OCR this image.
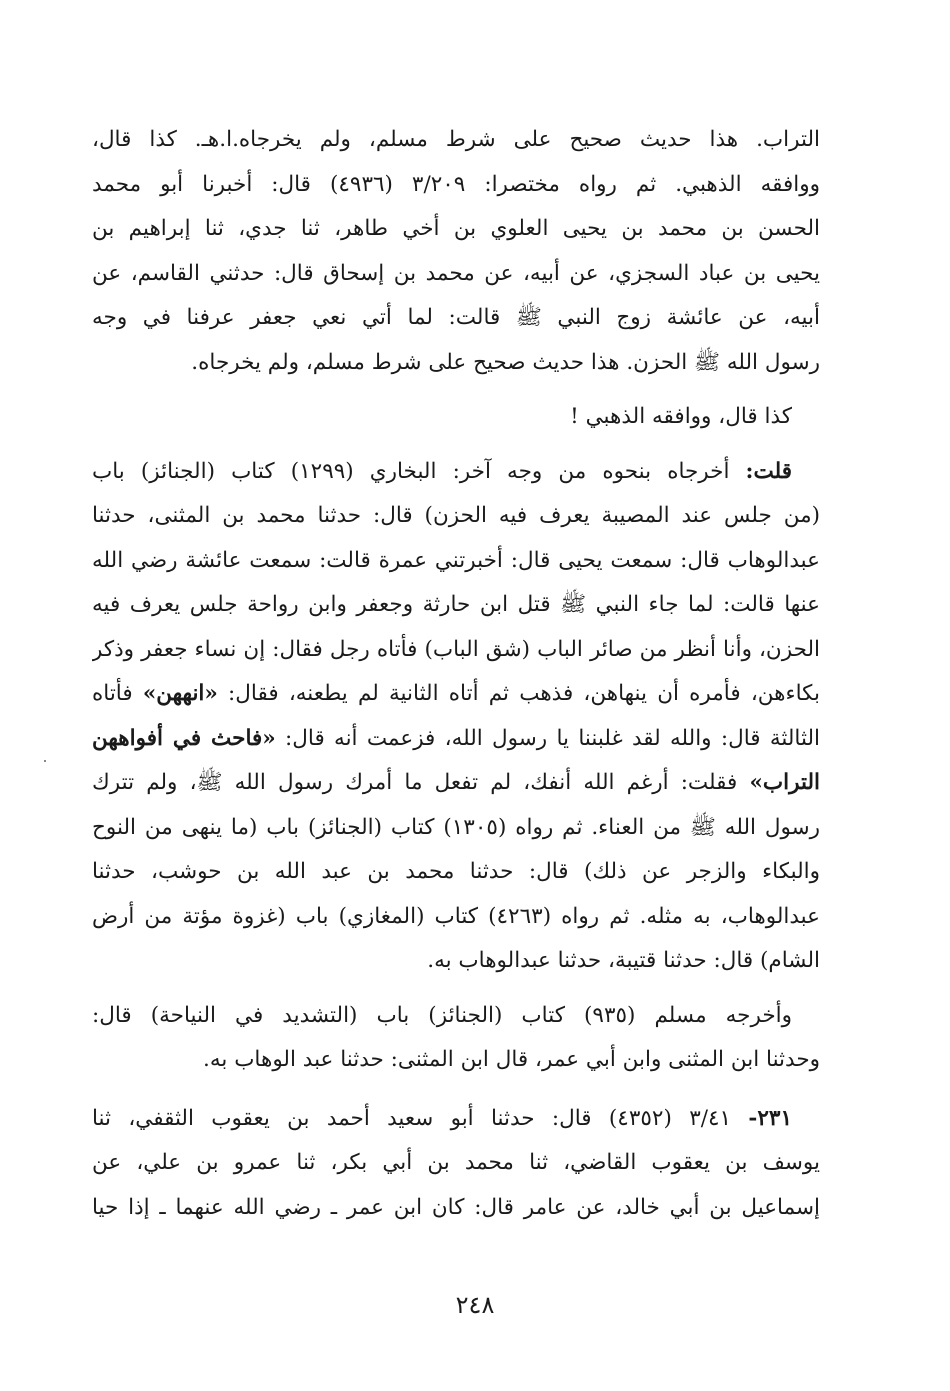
التراب. هذا حديث صحيح على شرط مسلم، ولم يخرجاه.ا.هـ. كذا قال،
ووافقه الذهبي. ثم رواه مختصرا: ٣/٢٠٩ (٤٩٣٦) قال: أخبرنا أبو محمد
الحسن بن محمد بن يحيى العلوي بن أخي طاهر، ثنا جدي، ثنا إبراهيم بن
يحيى بن عباد السجزي، عن أبيه، عن محمد بن إسحاق قال: حدثني القاسم، عن
أبيه، عن عائشة زوج النبي ﷺ قالت: لما أتي نعي جعفر عرفنا في وجه
رسول الله ﷺ الحزن. هذا حديث صحيح على شرط مسلم، ولم يخرجاه.
كذا قال، ووافقه الذهبي !
قلت: أخرجاه بنحوه من وجه آخر: البخاري (١٢٩٩) كتاب (الجنائز) باب
(من جلس عند المصيبة يعرف فيه الحزن) قال: حدثنا محمد بن المثنى، حدثنا
عبدالوهاب قال: سمعت يحيى قال: أخبرتني عمرة قالت: سمعت عائشة رضي الله
عنها قالت: لما جاء النبي ﷺ قتل ابن حارثة وجعفر وابن رواحة جلس يعرف فيه
الحزن، وأنا أنظر من صائر الباب (شق الباب) فأتاه رجل فقال: إن نساء جعفر وذكر
بكاءهن، فأمره أن ينهاهن، فذهب ثم أتاه الثانية لم يطعنه، فقال: «انههن» فأتاه
الثالثة قال: والله لقد غلبننا يا رسول الله، فزعمت أنه قال: «فاحث في أفواههن
التراب» فقلت: أرغم الله أنفك، لم تفعل ما أمرك رسول الله ﷺ، ولم تترك
رسول الله ﷺ من العناء. ثم رواه (١٣٠٥) كتاب (الجنائز) باب (ما ينهى من النوح
والبكاء والزجر عن ذلك) قال: حدثنا محمد بن عبد الله بن حوشب، حدثنا
عبدالوهاب، به مثله. ثم رواه (٤٢٦٣) كتاب (المغازي) باب (غزوة مؤتة من أرض
الشام) قال: حدثنا قتيبة، حدثنا عبدالوهاب به.
وأخرجه مسلم (٩٣٥) كتاب (الجنائز) باب (التشديد في النياحة) قال:
وحدثنا ابن المثنى وابن أبي عمر، قال ابن المثنى: حدثنا عبد الوهاب به.
٢٣١- ٣/٤١ (٤٣٥٢) قال: حدثنا أبو سعيد أحمد بن يعقوب الثقفي، ثنا
يوسف بن يعقوب القاضي، ثنا محمد بن أبي بكر، ثنا عمرو بن علي، عن
إسماعيل بن أبي خالد، عن عامر قال: كان ابن عمر ـ رضي الله عنهما ـ إذا حيا
٢٤٨
